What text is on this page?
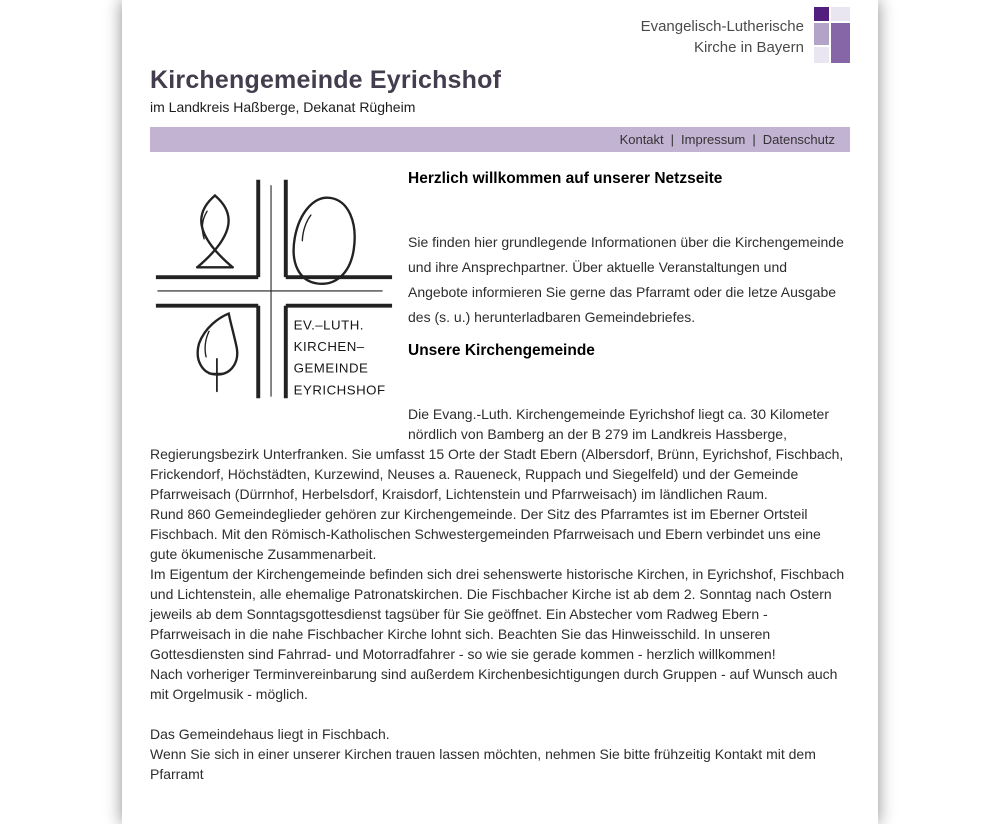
Evangelisch-Lutherische
Kirche in Bayern
Kirchengemeinde Eyrichshof
im Landkreis Haßberge, Dekanat Rügheim
Kontakt | Impressum | Datenschutz
EV.–LUTH.
KIRCHEN–
GEMEINDE
EYRICHSHOF
Herzlich willkommen auf unserer Netzseite

Sie finden hier grundlegende Informationen über die Kirchengemeinde und ihre Ansprechpartner. Über aktuelle Veranstaltungen und Angebote informieren Sie gerne das Pfarramt oder die letze Ausgabe des (s. u.) herunterladbaren Gemeindebriefes.

Unsere Kirchengemeinde

Die Evang.-Luth. Kirchengemeinde Eyrichshof liegt ca. 30 Kilometer nördlich von Bamberg an der B 279 im Landkreis Hassberge, Regierungsbezirk Unterfranken. Sie umfasst 15 Orte der Stadt Ebern (Albersdorf, Brünn, Eyrichshof, Fischbach, Frickendorf, Höchstädten, Kurzewind, Neuses a. Raueneck, Ruppach und Siegelfeld) und der Gemeinde Pfarrweisach (Dürrnhof, Herbelsdorf, Kraisdorf, Lichtenstein und Pfarrweisach) im ländlichen Raum.

Rund 860 Gemeindeglieder gehören zur Kirchengemeinde. Der Sitz des Pfarramtes ist im Eberner Ortsteil Fischbach. Mit den Römisch-Katholischen Schwestergemeinden Pfarrweisach und Ebern verbindet uns eine gute ökumenische Zusammenarbeit.

Im Eigentum der Kirchengemeinde befinden sich drei sehenswerte historische Kirchen, in Eyrichshof, Fischbach und Lichtenstein, alle ehemalige Patronatskirchen. Die Fischbacher Kirche ist ab dem 2. Sonntag nach Ostern jeweils ab dem Sonntagsgottesdienst tagsüber für Sie geöffnet. Ein Abstecher vom Radweg Ebern - Pfarrweisach in die nahe Fischbacher Kirche lohnt sich. Beachten Sie das Hinweisschild. In unseren Gottesdiensten sind Fahrrad- und Motorradfahrer - so wie sie gerade kommen - herzlich willkommen!

Nach vorheriger Terminvereinbarung sind außerdem Kirchenbesichtigungen durch Gruppen - auf Wunsch auch mit Orgelmusik - möglich.

Das Gemeindehaus liegt in Fischbach.

Wenn Sie sich in einer unserer Kirchen trauen lassen möchten, nehmen Sie bitte frühzeitig Kontakt mit dem Pfarramt
